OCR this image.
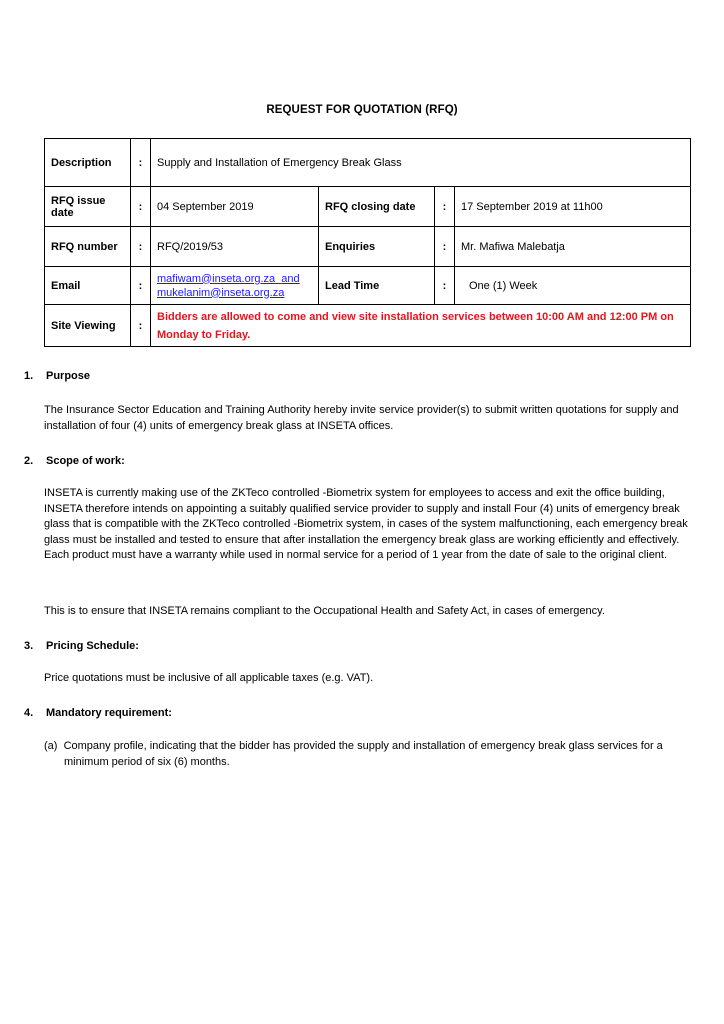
REQUEST FOR QUOTATION (RFQ)
Description	:	Supply and Installation of Emergency Break Glass			
RFQ issue date	:	04 September 2019	RFQ closing date	:	17 September 2019 at 11h00
RFQ number	:	RFQ/2019/53	Enquiries	:	Mr. Mafiwa Malebatja
Email	:	mafiwam@inseta.org.za and
mukelanim@inseta.org.za	Lead Time	:	One (1) Week
Site Viewing	:	Bidders are allowed to come and view site installation services between 10:00 AM and 12:00 PM on Monday to Friday.			
1. Purpose
The Insurance Sector Education and Training Authority hereby invite service provider(s) to submit written quotations for supply and installation of four (4) units of emergency break glass at INSETA offices.
2. Scope of work:
INSETA is currently making use of the ZKTeco controlled -Biometrix system for employees to access and exit the office building, INSETA therefore intends on appointing a suitably qualified service provider to supply and install Four (4) units of emergency break glass that is compatible with the ZKTeco controlled -Biometrix system, in cases of the system malfunctioning, each emergency break glass must be installed and tested to ensure that after installation the emergency break glass are working efficiently and effectively. Each product must have a warranty while used in normal service for a period of 1 year from the date of sale to the original client.
This is to ensure that INSETA remains compliant to the Occupational Health and Safety Act, in cases of emergency.
3. Pricing Schedule:
Price quotations must be inclusive of all applicable taxes (e.g. VAT).
4. Mandatory requirement:
(a) Company profile, indicating that the bidder has provided the supply and installation of emergency break glass services for a minimum period of six (6) months.
